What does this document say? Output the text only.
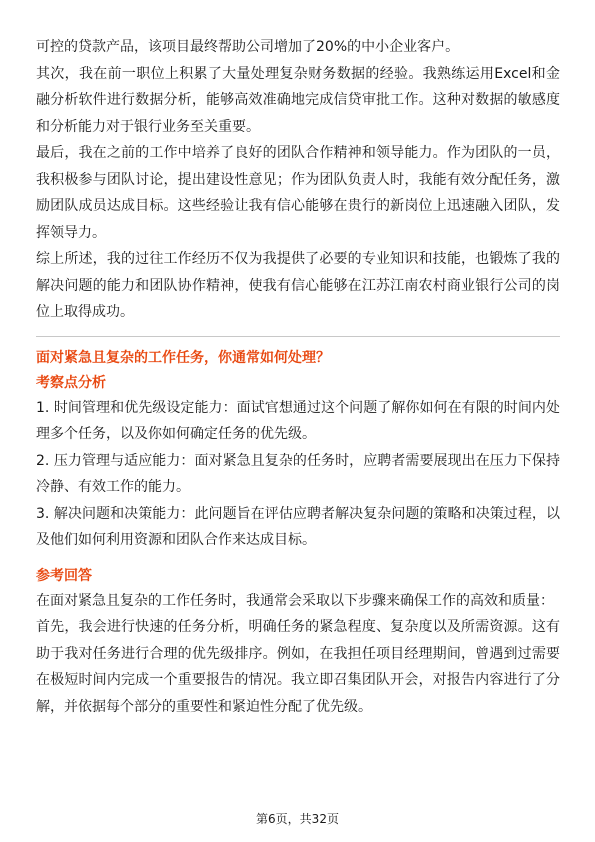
可控的贷款产品，该项目最终帮助公司增加了20%的中小企业客户。

其次，我在前一职位上积累了大量处理复杂财务数据的经验。我熟练运用Excel和金融分析软件进行数据分析，能够高效准确地完成信贷审批工作。这种对数据的敏感度和分析能力对于银行业务至关重要。

最后，我在之前的工作中培养了良好的团队合作精神和领导能力。作为团队的一员，我积极参与团队讨论，提出建设性意见；作为团队负责人时，我能有效分配任务，激励团队成员达成目标。这些经验让我有信心能够在贵行的新岗位上迅速融入团队，发挥领导力。

综上所述，我的过往工作经历不仅为我提供了必要的专业知识和技能，也锻炼了我的解决问题的能力和团队协作精神，使我有信心能够在江苏江南农村商业银行公司的岗位上取得成功。

面对紧急且复杂的工作任务，你通常如何处理？
考察点分析

1. 时间管理和优先级设定能力：面试官想通过这个问题了解你如何在有限的时间内处理多个任务，以及你如何确定任务的优先级。

2. 压力管理与适应能力：面对紧急且复杂的任务时，应聘者需要展现出在压力下保持冷静、有效工作的能力。

3. 解决问题和决策能力：此问题旨在评估应聘者解决复杂问题的策略和决策过程，以及他们如何利用资源和团队合作来达成目标。

参考回答

在面对紧急且复杂的工作任务时，我通常会采取以下步骤来确保工作的高效和质量：

首先，我会进行快速的任务分析，明确任务的紧急程度、复杂度以及所需资源。这有助于我对任务进行合理的优先级排序。例如，在我担任项目经理期间，曾遇到过需要在极短时间内完成一个重要报告的情况。我立即召集团队开会，对报告内容进行了分解，并依据每个部分的重要性和紧迫性分配了优先级。

第6页，共32页
